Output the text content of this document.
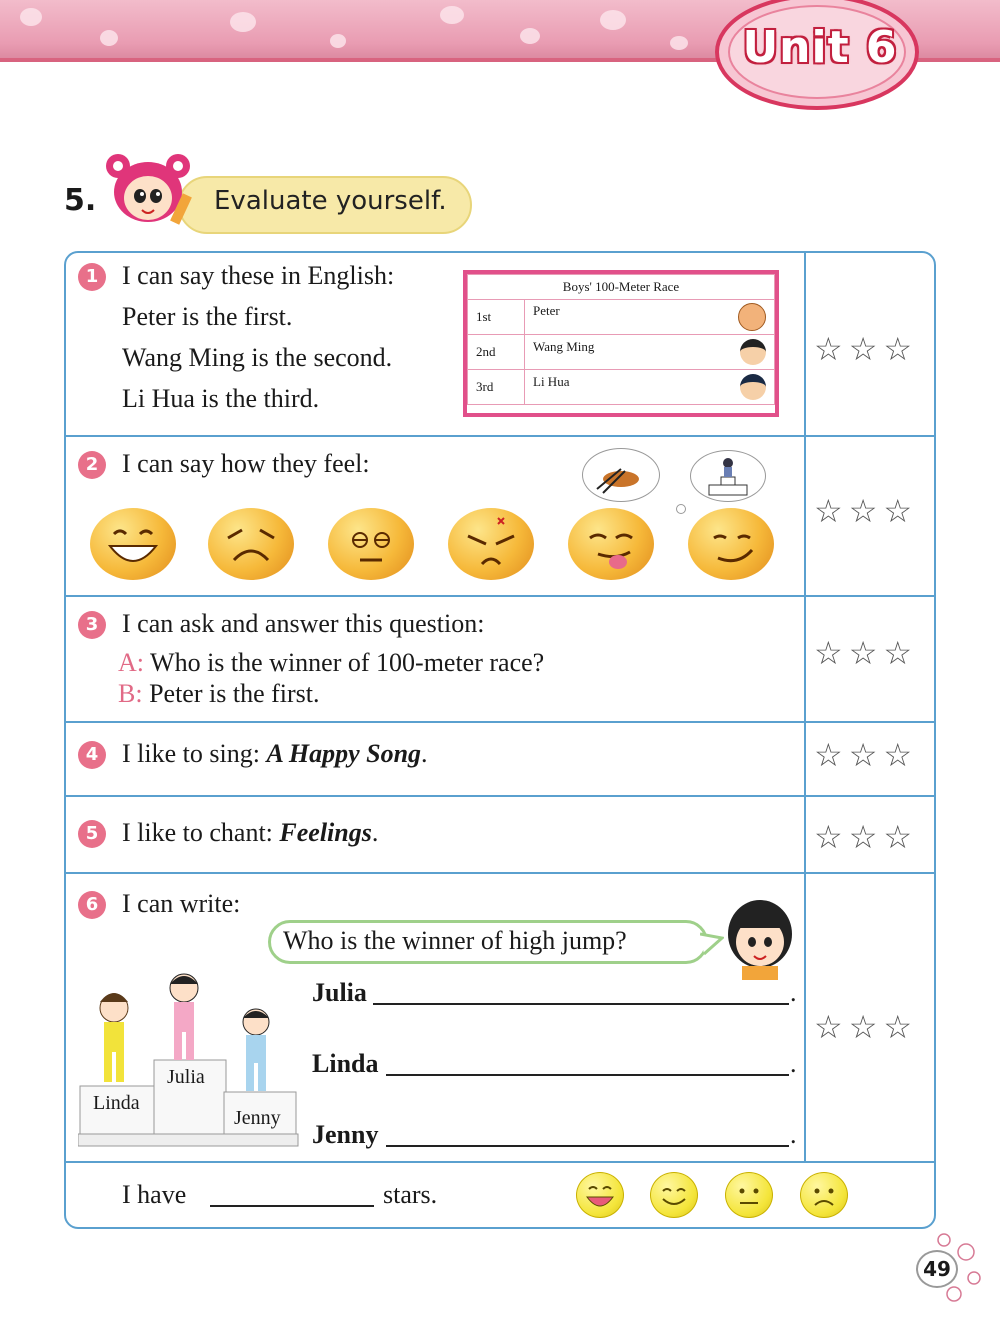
Unit 6
5.	Evaluate yourself.
1 I can say these in English:
Peter is the first.
Wang Ming is the second.
Li Hua is the third.
Boys' 100-Meter Race	
1st	Peter

2nd	Wang Ming

3rd	Li Hua
☆☆☆
2 I can say how they feel:
☆☆☆
3 I can ask and answer this question:
A: Who is the winner of 100-meter race?
B: Peter is the first.
☆☆☆
4 I like to sing: A Happy Song.	☆☆☆
5 I like to chant: Feelings.	☆☆☆
6 I can write:
Who is the winner of high jump?
Linda
Julia
Jenny
Julia	.
Linda	.
Jenny	.
☆☆☆
I have	stars.
49
